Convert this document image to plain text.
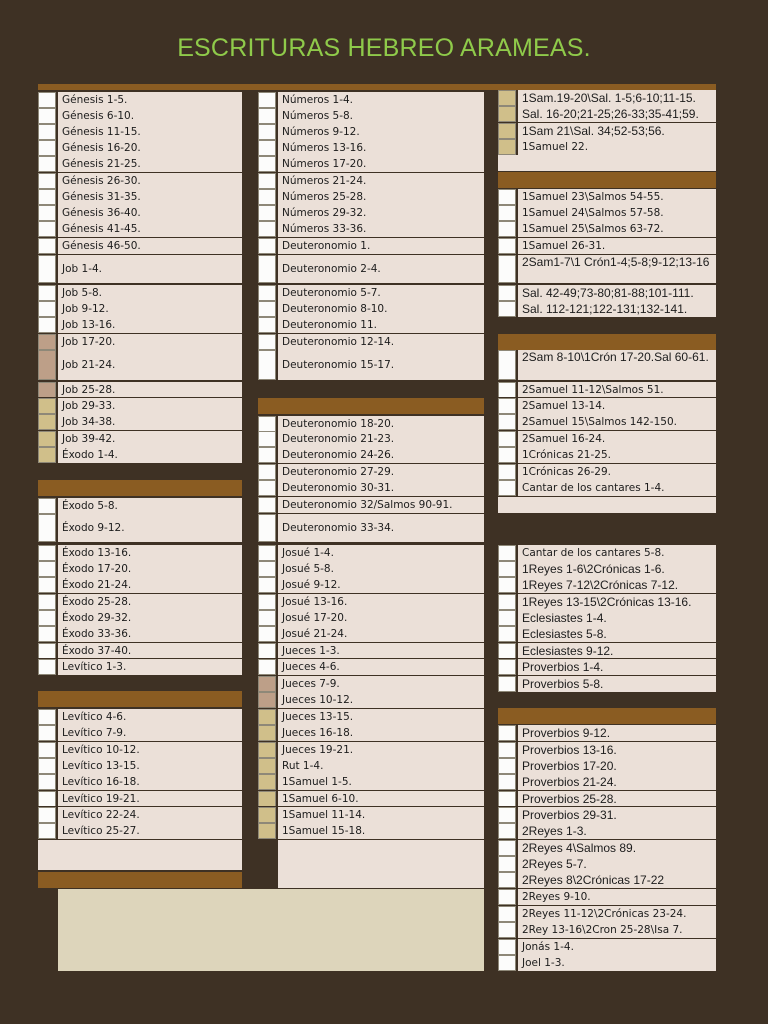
ESCRITURAS HEBREO ARAMEAS.
Génesis 1-5.
Génesis 6-10.
Génesis 11-15.
Génesis 16-20.
Génesis 21-25.
Génesis 26-30.
Génesis 31-35.
Génesis 36-40.
Génesis 41-45.
Génesis 46-50.
Job 1-4.
Job 5-8.
Job 9-12.
Job 13-16.
Job 17-20.
Job 21-24.
Job 25-28.
Job 29-33.
Job 34-38.
Job 39-42.
Éxodo 1-4.
Éxodo 5-8.
Éxodo 9-12.
Éxodo 13-16.
Éxodo 17-20.
Éxodo 21-24.
Éxodo 25-28.
Éxodo 29-32.
Éxodo 33-36.
Éxodo 37-40.
Levítico 1-3.
Levítico 4-6.
Levítico 7-9.
Levítico 10-12.
Levítico 13-15.
Levítico 16-18.
Levítico 19-21.
Levítico 22-24.
Levítico 25-27.
Números 1-4.
Números 5-8.
Números 9-12.
Números 13-16.
Números 17-20.
Números 21-24.
Números 25-28.
Números 29-32.
Números 33-36.
Deuteronomio 1.
Deuteronomio 2-4.
Deuteronomio 5-7.
Deuteronomio 8-10.
Deuteronomio 11.
Deuteronomio 12-14.
Deuteronomio 15-17.
Deuteronomio 18-20.
Deuteronomio 21-23.
Deuteronomio 24-26.
Deuteronomio 27-29.
Deuteronomio 30-31.
Deuteronomio 32/Salmos 90-91.
Deuteronomio 33-34.
Josué 1-4.
Josué 5-8.
Josué 9-12.
Josué 13-16.
Josué 17-20.
Josué 21-24.
Jueces 1-3.
Jueces 4-6.
Jueces 7-9.
Jueces 10-12.
Jueces 13-15.
Jueces 16-18.
Jueces 19-21.
Rut 1-4.
1Samuel 1-5.
1Samuel 6-10.
1Samuel 11-14.
1Samuel 15-18.
1Sam.19-20\Sal. 1-5;6-10;11-15.
Sal. 16-20;21-25;26-33;35-41;59.
1Sam 21\Sal. 34;52-53;56.
1Samuel 22.
1Samuel 23\Salmos 54-55.
1Samuel 24\Salmos 57-58.
1Samuel 25\Salmos 63-72.
1Samuel 26-31.
2Sam1-7\1 Crón1-4;5-8;9-12;13-16
Sal. 42-49;73-80;81-88;101-111.
Sal. 112-121;122-131;132-141.
2Sam 8-10\1Crón 17-20.Sal 60-61.
2Samuel 11-12\Salmos 51.
2Samuel 13-14.
2Samuel 15\Salmos 142-150.
2Samuel 16-24.
1Crónicas 21-25.
1Crónicas 26-29.
Cantar de los cantares 1-4.
Cantar de los cantares 5-8.
1Reyes 1-6\2Crónicas 1-6.
1Reyes 7-12\2Crónicas 7-12.
1Reyes 13-15\2Crónicas 13-16.
Eclesiastes 1-4.
Eclesiastes 5-8.
Eclesiastes 9-12.
Proverbios 1-4.
Proverbios 5-8.
Proverbios 9-12.
Proverbios 13-16.
Proverbios 17-20.
Proverbios 21-24.
Proverbios 25-28.
Proverbios 29-31.
2Reyes 1-3.
2Reyes 4\Salmos 89.
2Reyes 5-7.
2Reyes 8\2Crónicas 17-22
2Reyes 9-10.
2Reyes 11-12\2Crónicas 23-24.
2Rey 13-16\2Cron 25-28\Isa 7.
Jonás 1-4.
Joel 1-3.
